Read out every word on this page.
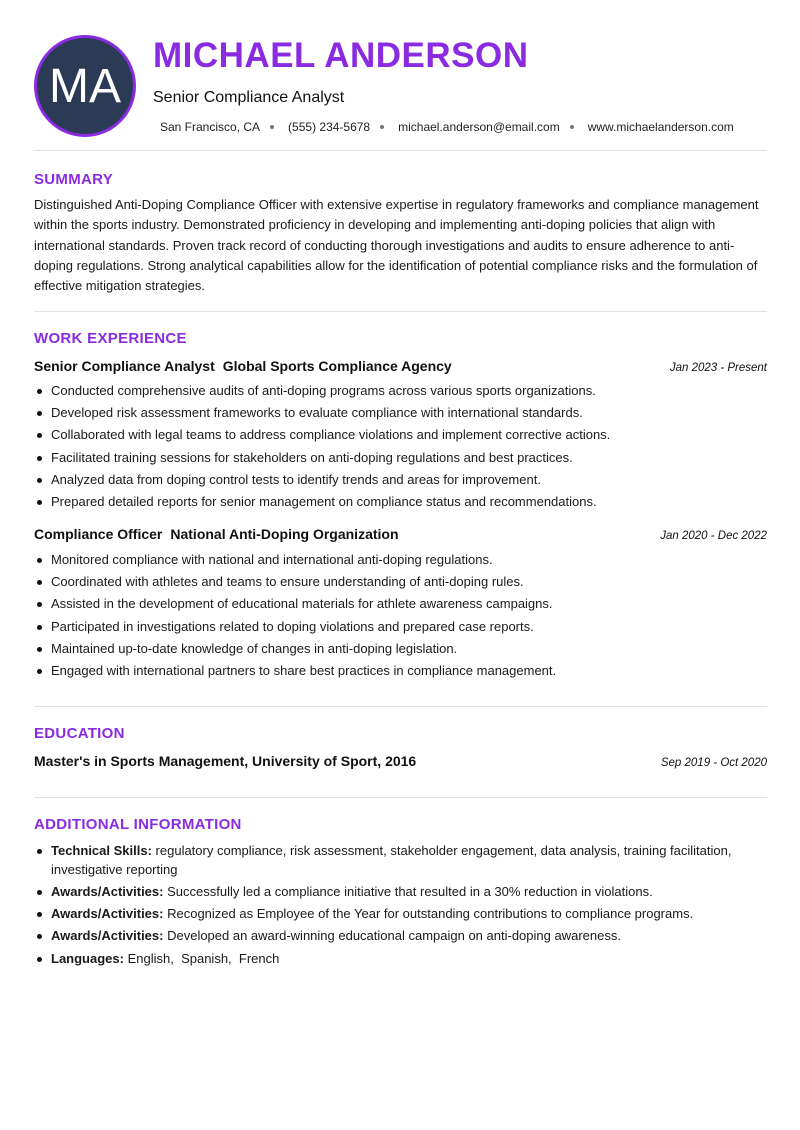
MA
MICHAEL ANDERSON
Senior Compliance Analyst
San Francisco, CA (555) 234-5678 michael.anderson@email.com www.michaelanderson.com
SUMMARY
Distinguished Anti-Doping Compliance Officer with extensive expertise in regulatory frameworks and compliance management within the sports industry. Demonstrated proficiency in developing and implementing anti-doping policies that align with international standards. Proven track record of conducting thorough investigations and audits to ensure adherence to anti-doping regulations. Strong analytical capabilities allow for the identification of potential compliance risks and the formulation of effective mitigation strategies.
WORK EXPERIENCE
Senior Compliance Analyst Global Sports Compliance Agency	Jan 2023 - Present
Conducted comprehensive audits of anti-doping programs across various sports organizations.
Developed risk assessment frameworks to evaluate compliance with international standards.
Collaborated with legal teams to address compliance violations and implement corrective actions.
Facilitated training sessions for stakeholders on anti-doping regulations and best practices.
Analyzed data from doping control tests to identify trends and areas for improvement.
Prepared detailed reports for senior management on compliance status and recommendations.
Compliance Officer National Anti-Doping Organization	Jan 2020 - Dec 2022
Monitored compliance with national and international anti-doping regulations.
Coordinated with athletes and teams to ensure understanding of anti-doping rules.
Assisted in the development of educational materials for athlete awareness campaigns.
Participated in investigations related to doping violations and prepared case reports.
Maintained up-to-date knowledge of changes in anti-doping legislation.
Engaged with international partners to share best practices in compliance management.
EDUCATION
Master's in Sports Management, University of Sport, 2016	Sep 2019 - Oct 2020
ADDITIONAL INFORMATION
Technical Skills: regulatory compliance, risk assessment, stakeholder engagement, data analysis, training facilitation, investigative reporting
Awards/Activities: Successfully led a compliance initiative that resulted in a 30% reduction in violations.
Awards/Activities: Recognized as Employee of the Year for outstanding contributions to compliance programs.
Awards/Activities: Developed an award-winning educational campaign on anti-doping awareness.
Languages: English,  Spanish,  French
